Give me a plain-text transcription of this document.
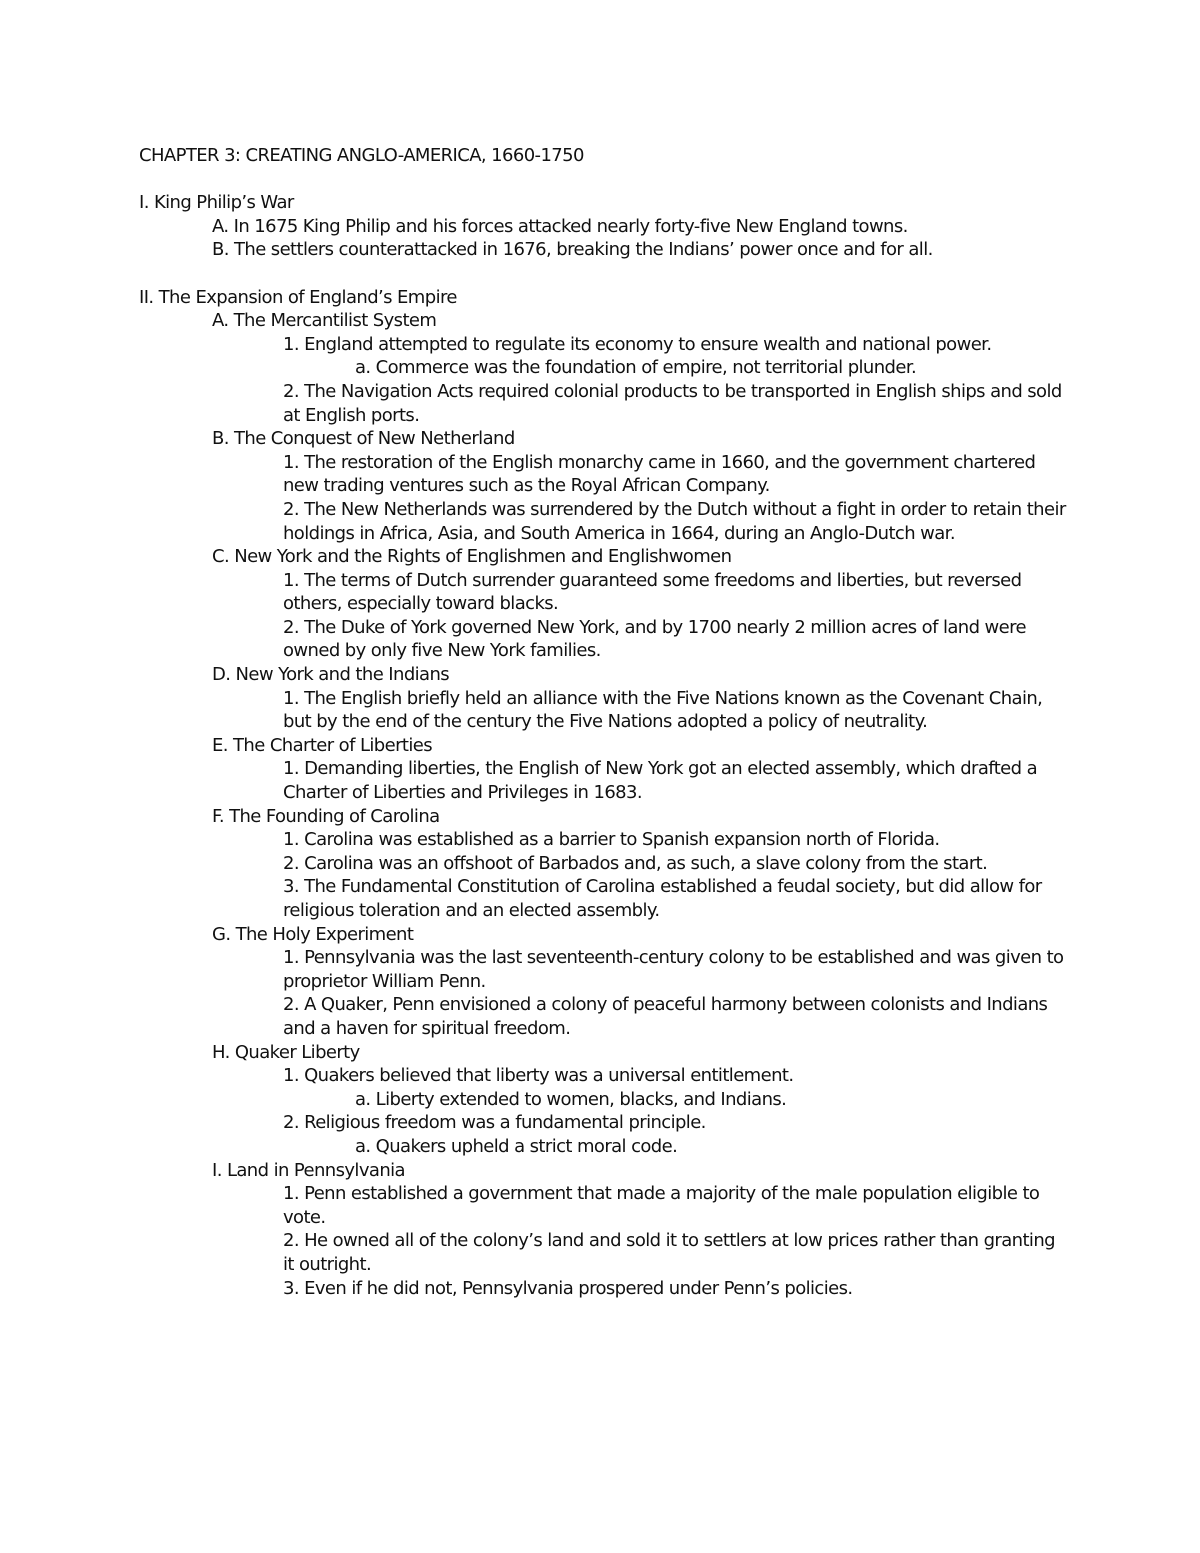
CHAPTER 3: CREATING ANGLO-AMERICA, 1660-1750
I. King Philip’s War
A. In 1675 King Philip and his forces attacked nearly forty-five New England towns.
B. The settlers counterattacked in 1676, breaking the Indians’ power once and for all.
II. The Expansion of England’s Empire
A. The Mercantilist System
1. England attempted to regulate its economy to ensure wealth and national power.
a. Commerce was the foundation of empire, not territorial plunder.
2. The Navigation Acts required colonial products to be transported in English ships and sold at English ports.
B. The Conquest of New Netherland
1. The restoration of the English monarchy came in 1660, and the government chartered new trading ventures such as the Royal African Company.
2. The New Netherlands was surrendered by the Dutch without a fight in order to retain their holdings in Africa, Asia, and South America in 1664, during an Anglo-Dutch war.
C. New York and the Rights of Englishmen and Englishwomen
1. The terms of Dutch surrender guaranteed some freedoms and liberties, but reversed others, especially toward blacks.
2. The Duke of York governed New York, and by 1700 nearly 2 million acres of land were owned by only five New York families.
D. New York and the Indians
1. The English briefly held an alliance with the Five Nations known as the Covenant Chain, but by the end of the century the Five Nations adopted a policy of neutrality.
E. The Charter of Liberties
1. Demanding liberties, the English of New York got an elected assembly, which drafted a Charter of Liberties and Privileges in 1683.
F. The Founding of Carolina
1. Carolina was established as a barrier to Spanish expansion north of Florida.
2. Carolina was an offshoot of Barbados and, as such, a slave colony from the start.
3. The Fundamental Constitution of Carolina established a feudal society, but did allow for religious toleration and an elected assembly.
G. The Holy Experiment
1. Pennsylvania was the last seventeenth-century colony to be established and was given to proprietor William Penn.
2. A Quaker, Penn envisioned a colony of peaceful harmony between colonists and Indians and a haven for spiritual freedom.
H. Quaker Liberty
1. Quakers believed that liberty was a universal entitlement.
a. Liberty extended to women, blacks, and Indians.
2. Religious freedom was a fundamental principle.
a. Quakers upheld a strict moral code.
I. Land in Pennsylvania
1. Penn established a government that made a majority of the male population eligible to vote.
2. He owned all of the colony’s land and sold it to settlers at low prices rather than granting it outright.
3. Even if he did not, Pennsylvania prospered under Penn’s policies.
